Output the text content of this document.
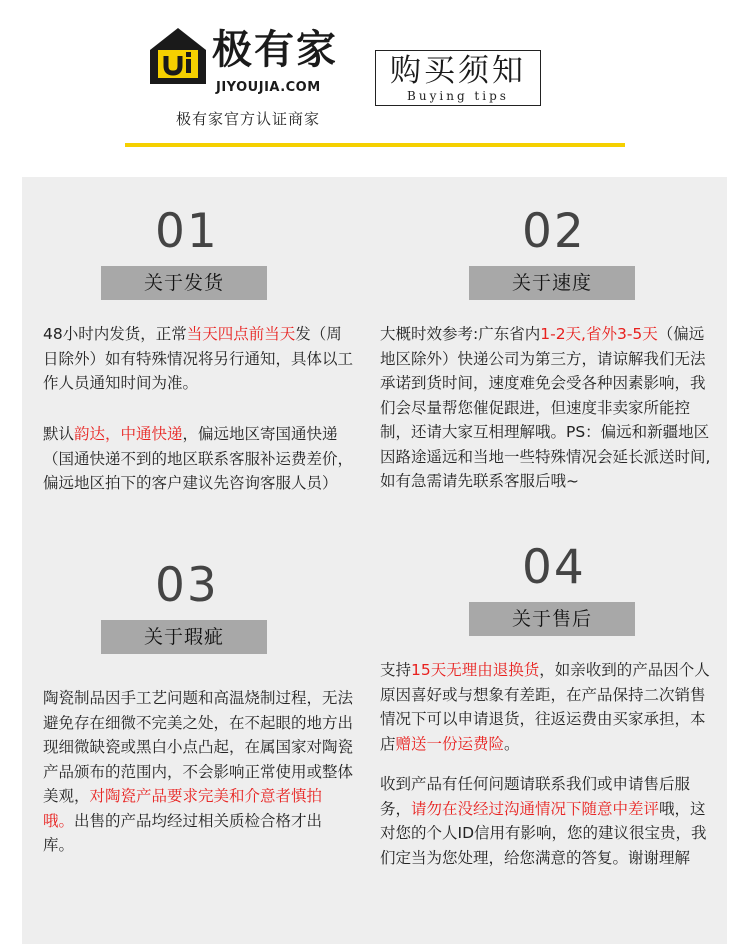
极有家
JIYOUJIA.COM
极有家官方认证商家
购买须知
Buying tips
01
关于发货
48小时内发货，正常当天四点前当天发（周日除外）如有特殊情况将另行通知，具体以工作人员通知时间为准。
默认韵达，中通快递，偏远地区寄国通快递（国通快递不到的地区联系客服补运费差价，偏远地区拍下的客户建议先咨询客服人员）
02
关于速度
大概时效参考:广东省内1-2天,省外3-5天（偏远地区除外）快递公司为第三方，请谅解我们无法承诺到货时间，速度难免会受各种因素影响，我们会尽量帮您催促跟进，但速度非卖家所能控制，还请大家互相理解哦。PS：偏远和新疆地区因路途遥远和当地一些特殊情况会延长派送时间,如有急需请先联系客服后哦~
03
关于瑕疵
陶瓷制品因手工艺问题和高温烧制过程，无法避免存在细微不完美之处，在不起眼的地方出现细微缺瓷或黑白小点凸起，在属国家对陶瓷产品颁布的范围内，不会影响正常使用或整体美观，对陶瓷产品要求完美和介意者慎拍哦。出售的产品均经过相关质检合格才出库。
04
关于售后
支持15天无理由退换货，如亲收到的产品因个人原因喜好或与想象有差距，在产品保持二次销售情况下可以申请退货，往返运费由买家承担，本店赠送一份运费险。
收到产品有任何问题请联系我们或申请售后服务，请勿在没经过沟通情况下随意中差评哦，这对您的个人ID信用有影响，您的建议很宝贵，我们定当为您处理，给您满意的答复。谢谢理解
